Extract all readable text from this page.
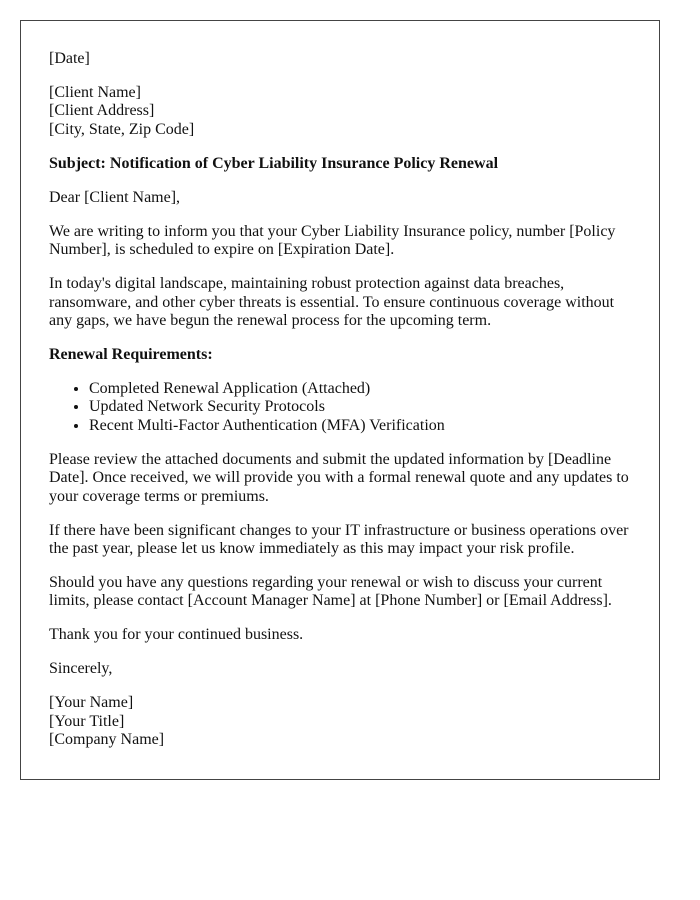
[Date]

[Client Name]
[Client Address]
[City, State, Zip Code]

Subject: Notification of Cyber Liability Insurance Policy Renewal

Dear [Client Name],

We are writing to inform you that your Cyber Liability Insurance policy, number [Policy Number], is scheduled to expire on [Expiration Date].

In today's digital landscape, maintaining robust protection against data breaches, ransomware, and other cyber threats is essential. To ensure continuous coverage without any gaps, we have begun the renewal process for the upcoming term.

Renewal Requirements:

• Completed Renewal Application (Attached)
• Updated Network Security Protocols
• Recent Multi-Factor Authentication (MFA) Verification

Please review the attached documents and submit the updated information by [Deadline Date]. Once received, we will provide you with a formal renewal quote and any updates to your coverage terms or premiums.

If there have been significant changes to your IT infrastructure or business operations over the past year, please let us know immediately as this may impact your risk profile.

Should you have any questions regarding your renewal or wish to discuss your current limits, please contact [Account Manager Name] at [Phone Number] or [Email Address].

Thank you for your continued business.

Sincerely,

[Your Name]
[Your Title]
[Company Name]
